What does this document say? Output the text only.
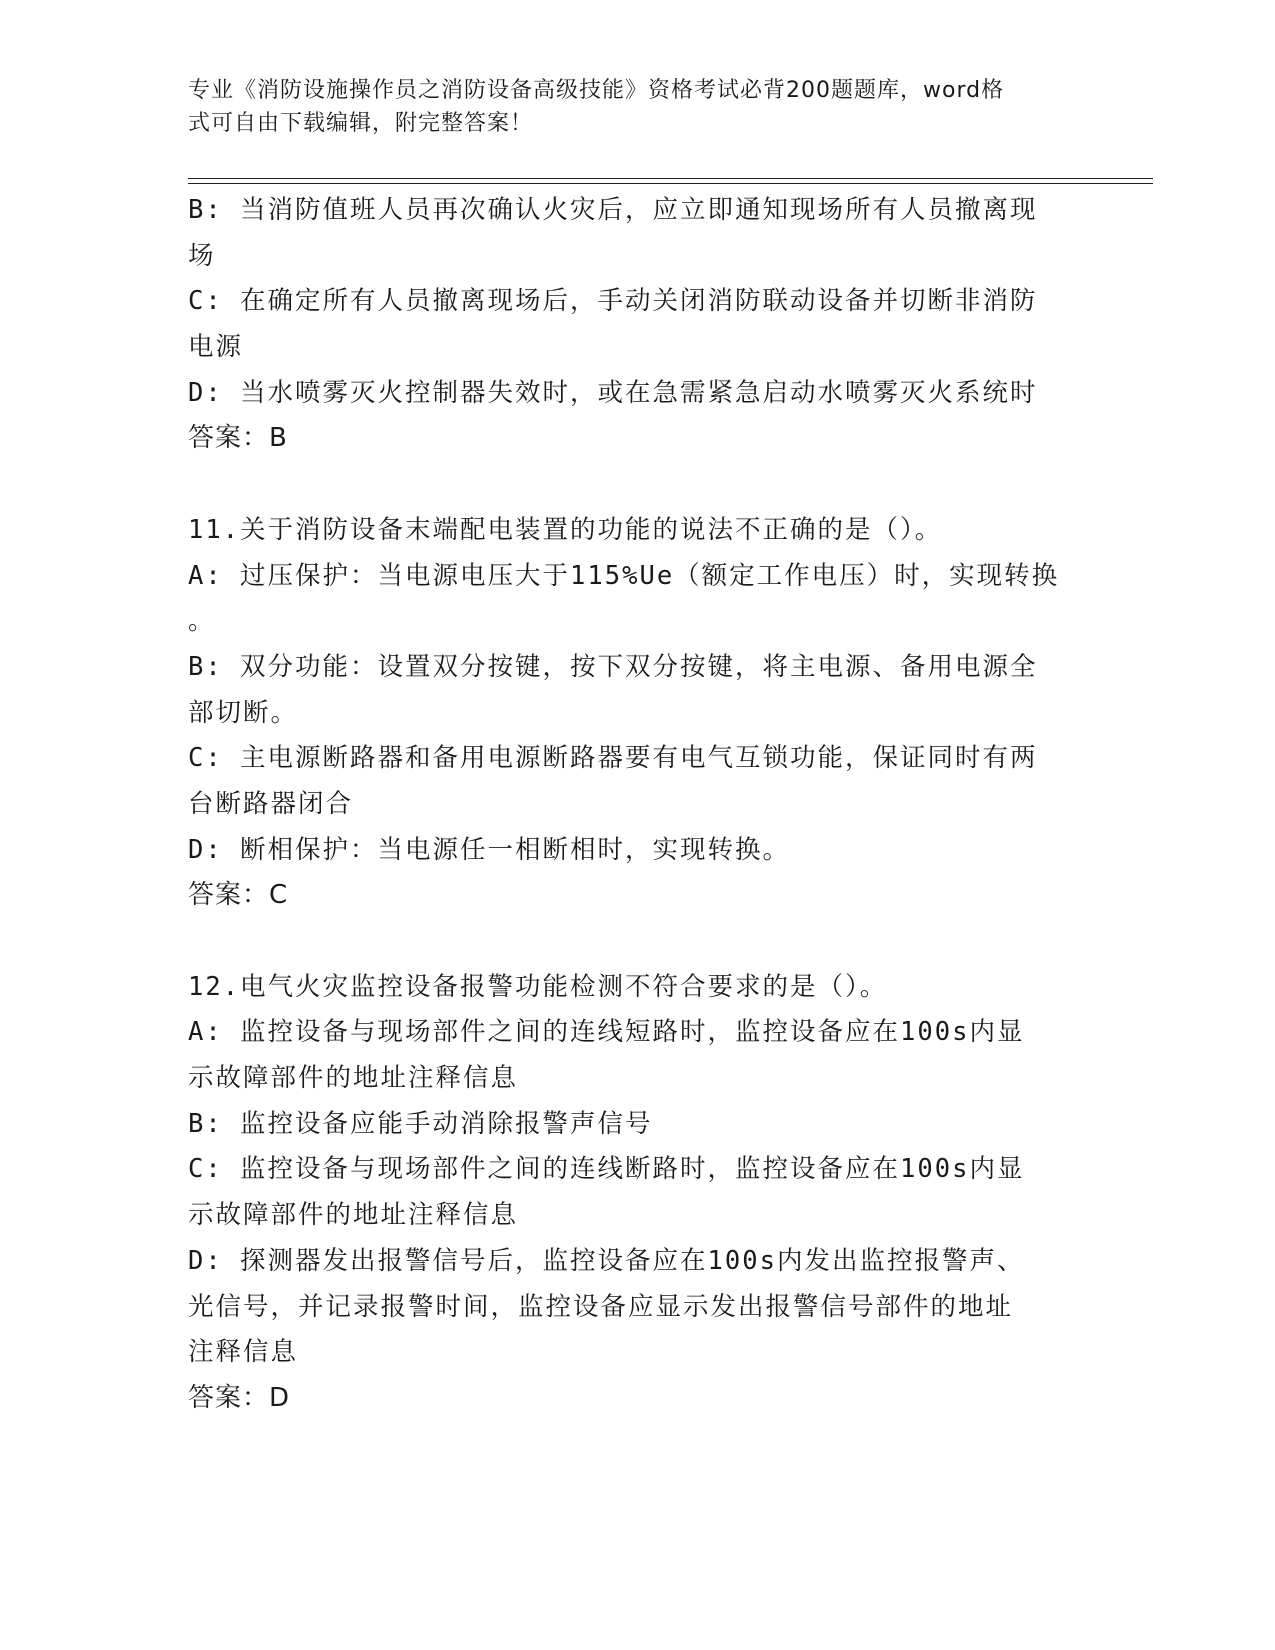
专业《消防设施操作员之消防设备高级技能》资格考试必背200题题库，word格
式可自由下载编辑，附完整答案！
B: 当消防值班人员再次确认火灾后，应立即通知现场所有人员撤离现
场
C: 在确定所有人员撤离现场后，手动关闭消防联动设备并切断非消防
电源
D: 当水喷雾灭火控制器失效时，或在急需紧急启动水喷雾灭火系统时
答案：B
11.关于消防设备末端配电装置的功能的说法不正确的是（）。
A: 过压保护：当电源电压大于115%Ue（额定工作电压）时，实现转换
。
B: 双分功能：设置双分按键，按下双分按键，将主电源、备用电源全
部切断。
C: 主电源断路器和备用电源断路器要有电气互锁功能，保证同时有两
台断路器闭合
D: 断相保护：当电源任一相断相时，实现转换。
答案：C
12.电气火灾监控设备报警功能检测不符合要求的是（）。
A: 监控设备与现场部件之间的连线短路时，监控设备应在100s内显
示故障部件的地址注释信息
B: 监控设备应能手动消除报警声信号
C: 监控设备与现场部件之间的连线断路时，监控设备应在100s内显
示故障部件的地址注释信息
D: 探测器发出报警信号后，监控设备应在100s内发出监控报警声、
光信号，并记录报警时间，监控设备应显示发出报警信号部件的地址
注释信息
答案：D
